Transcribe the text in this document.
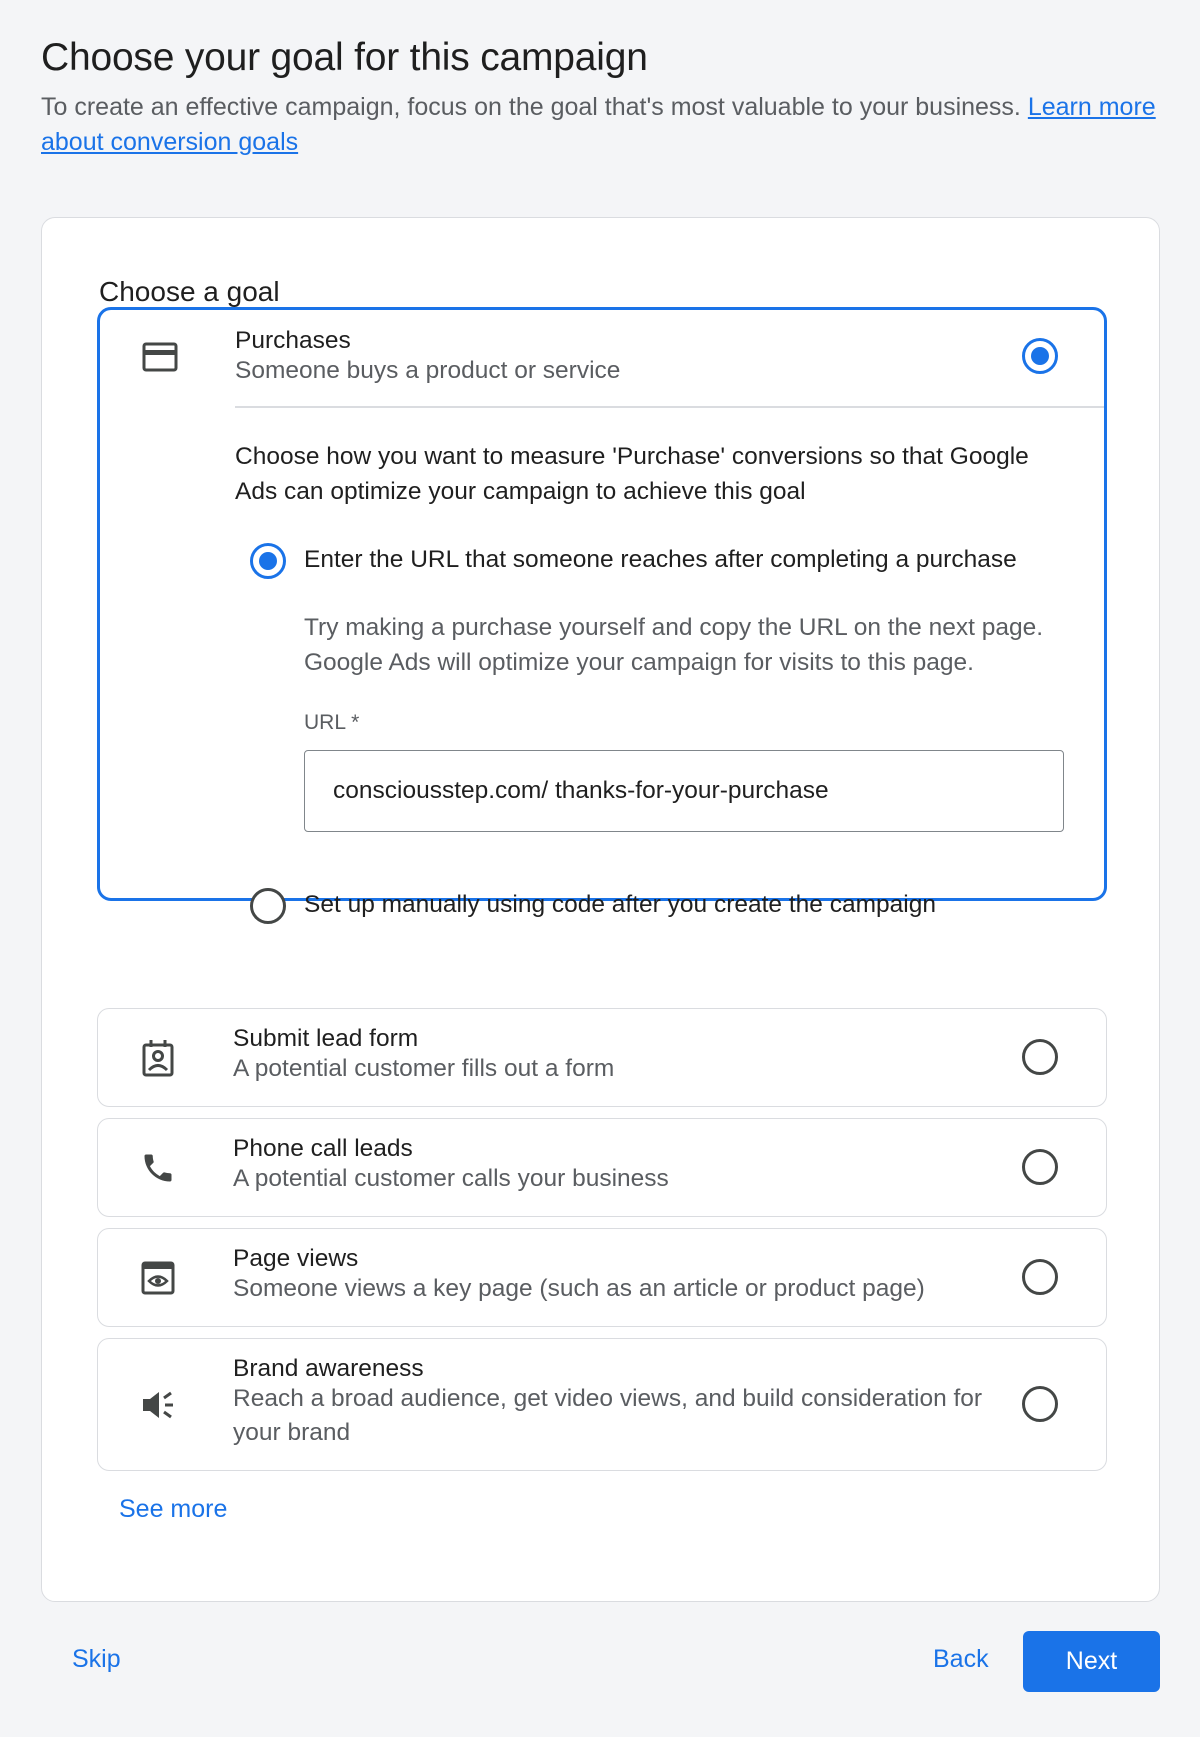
Choose your goal for this campaign
To create an effective campaign, focus on the goal that's most valuable to your business. Learn more about conversion goals
Choose a goal
Purchases
Someone buys a product or service
Choose how you want to measure 'Purchase' conversions so that Google Ads can optimize your campaign to achieve this goal
Enter the URL that someone reaches after completing a purchase
Try making a purchase yourself and copy the URL on the next page. Google Ads will optimize your campaign for visits to this page.
URL *
consciousstep.com/ thanks-for-your-purchase
Set up manually using code after you create the campaign
Submit lead form
A potential customer fills out a form
Phone call leads
A potential customer calls your business
Page views
Someone views a key page (such as an article or product page)
Brand awareness
Reach a broad audience, get video views, and build consideration for your brand
See more
Skip	Back	Next
